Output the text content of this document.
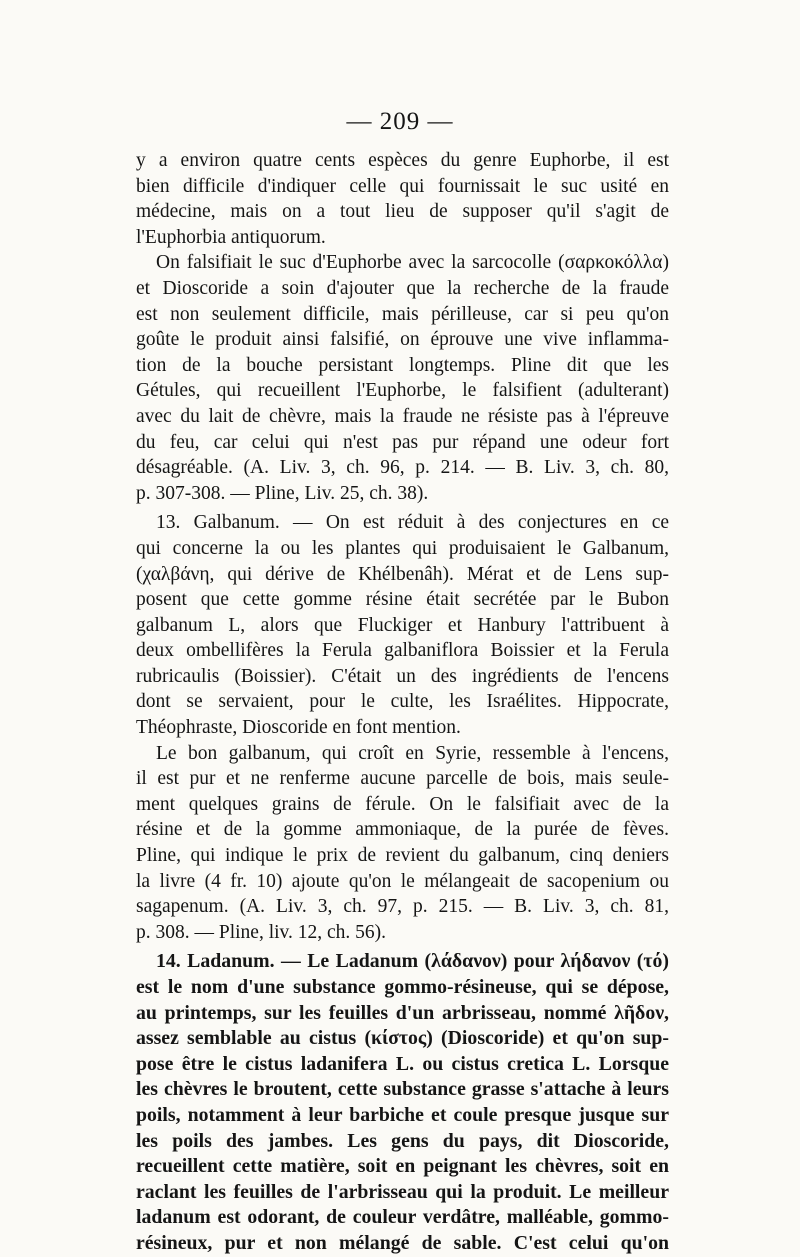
— 209 —
y a environ quatre cents espèces du genre Euphorbe, il est
bien difficile d'indiquer celle qui fournissait le suc usité en
médecine, mais on a tout lieu de supposer qu'il s'agit de
l'Euphorbia antiquorum.
On falsifiait le suc d'Euphorbe avec la sarcocolle (σαρκοκόλλα)
et Dioscoride a soin d'ajouter que la recherche de la fraude
est non seulement difficile, mais périlleuse, car si peu qu'on
goûte le produit ainsi falsifié, on éprouve une vive inflamma-
tion de la bouche persistant longtemps. Pline dit que les
Gétules, qui recueillent l'Euphorbe, le falsifient (adulterant)
avec du lait de chèvre, mais la fraude ne résiste pas à l'épreuve
du feu, car celui qui n'est pas pur répand une odeur fort
désagréable. (A. Liv. 3, ch. 96, p. 214. — B. Liv. 3, ch. 80,
p. 307-308. — Pline, Liv. 25, ch. 38).
13. Galbanum. — On est réduit à des conjectures en ce
qui concerne la ou les plantes qui produisaient le Galbanum,
(χαλβάνη, qui dérive de Khélbenâh). Mérat et de Lens sup-
posent que cette gomme résine était secrétée par le Bubon
galbanum L, alors que Fluckiger et Hanbury l'attribuent à
deux ombellifères la Ferula galbaniflora Boissier et la Ferula
rubricaulis (Boissier). C'était un des ingrédients de l'encens
dont se servaient, pour le culte, les Israélites. Hippocrate,
Théophraste, Dioscoride en font mention.
Le bon galbanum, qui croît en Syrie, ressemble à l'encens,
il est pur et ne renferme aucune parcelle de bois, mais seule-
ment quelques grains de férule. On le falsifiait avec de la
résine et de la gomme ammoniaque, de la purée de fèves.
Pline, qui indique le prix de revient du galbanum, cinq deniers
la livre (4 fr. 10) ajoute qu'on le mélangeait de sacopenium ou
sagapenum. (A. Liv. 3, ch. 97, p. 215. — B. Liv. 3, ch. 81,
p. 308. — Pline, liv. 12, ch. 56).
14. Ladanum. — Le Ladanum (λάδανον) pour λήδανον (τό)
est le nom d'une substance gommo-résineuse, qui se dépose,
au printemps, sur les feuilles d'un arbrisseau, nommé λῆδον,
assez semblable au cistus (κίστος) (Dioscoride) et qu'on sup-
pose être le cistus ladanifera L. ou cistus cretica L. Lorsque
les chèvres le broutent, cette substance grasse s'attache à leurs
poils, notamment à leur barbiche et coule presque jusque sur
les poils des jambes. Les gens du pays, dit Dioscoride,
recueillent cette matière, soit en peignant les chèvres, soit en
raclant les feuilles de l'arbrisseau qui la produit. Le meilleur
ladanum est odorant, de couleur verdâtre, malléable, gommo-
résineux, pur et non mélangé de sable. C'est celui qu'on
